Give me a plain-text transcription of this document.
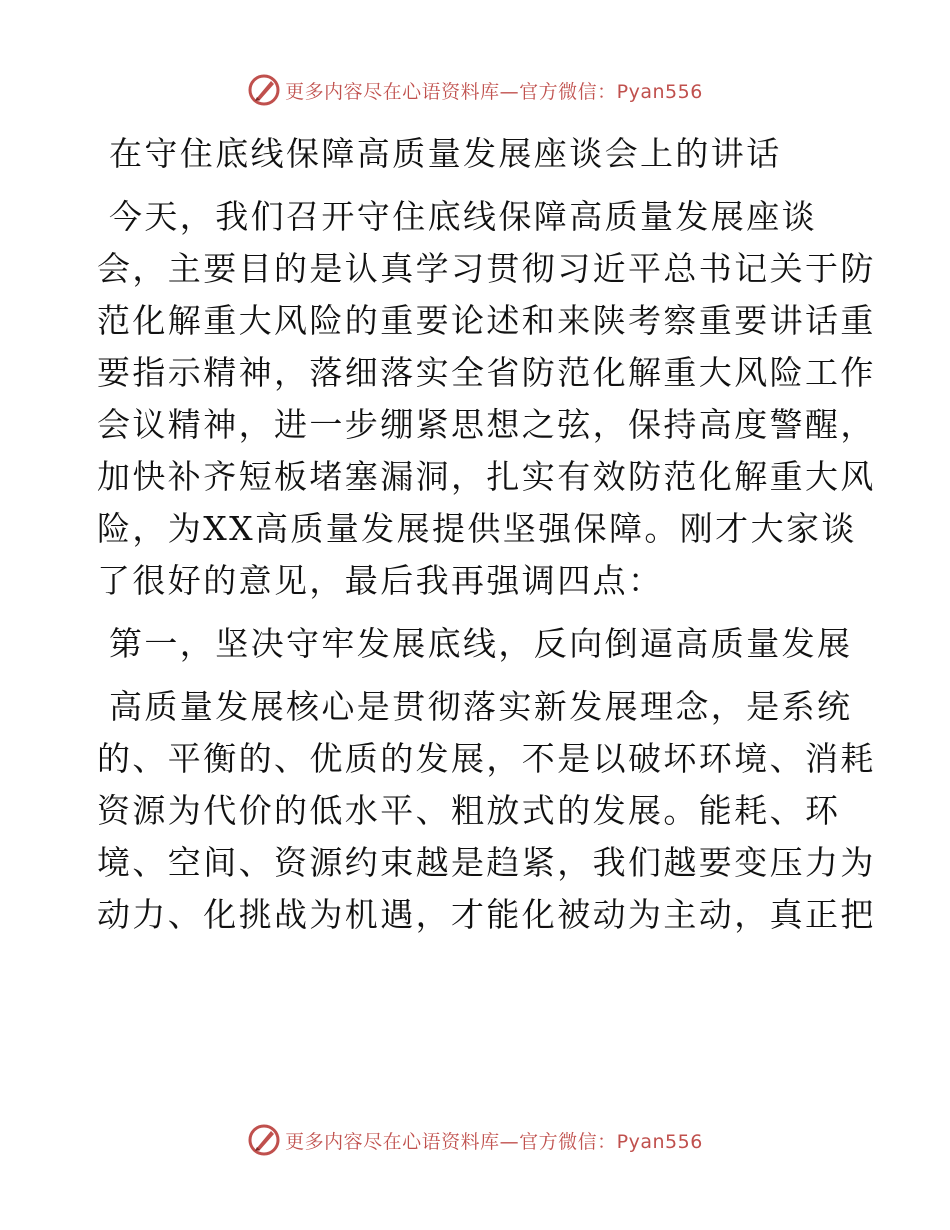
更多内容尽在心语资料库—官方微信：Pyan556
在守住底线保障高质量发展座谈会上的讲话
今天，我们召开守住底线保障高质量发展座谈
会，主要目的是认真学习贯彻习近平总书记关于防
范化解重大风险的重要论述和来陕考察重要讲话重
要指示精神，落细落实全省防范化解重大风险工作
会议精神，进一步绷紧思想之弦，保持高度警醒，
加快补齐短板堵塞漏洞，扎实有效防范化解重大风
险，为XX高质量发展提供坚强保障。刚才大家谈
了很好的意见，最后我再强调四点：
第一，坚决守牢发展底线，反向倒逼高质量发展
高质量发展核心是贯彻落实新发展理念，是系统
的、平衡的、优质的发展，不是以破坏环境、消耗
资源为代价的低水平、粗放式的发展。能耗、环
境、空间、资源约束越是趋紧，我们越要变压力为
动力、化挑战为机遇，才能化被动为主动，真正把
更多内容尽在心语资料库—官方微信：Pyan556
